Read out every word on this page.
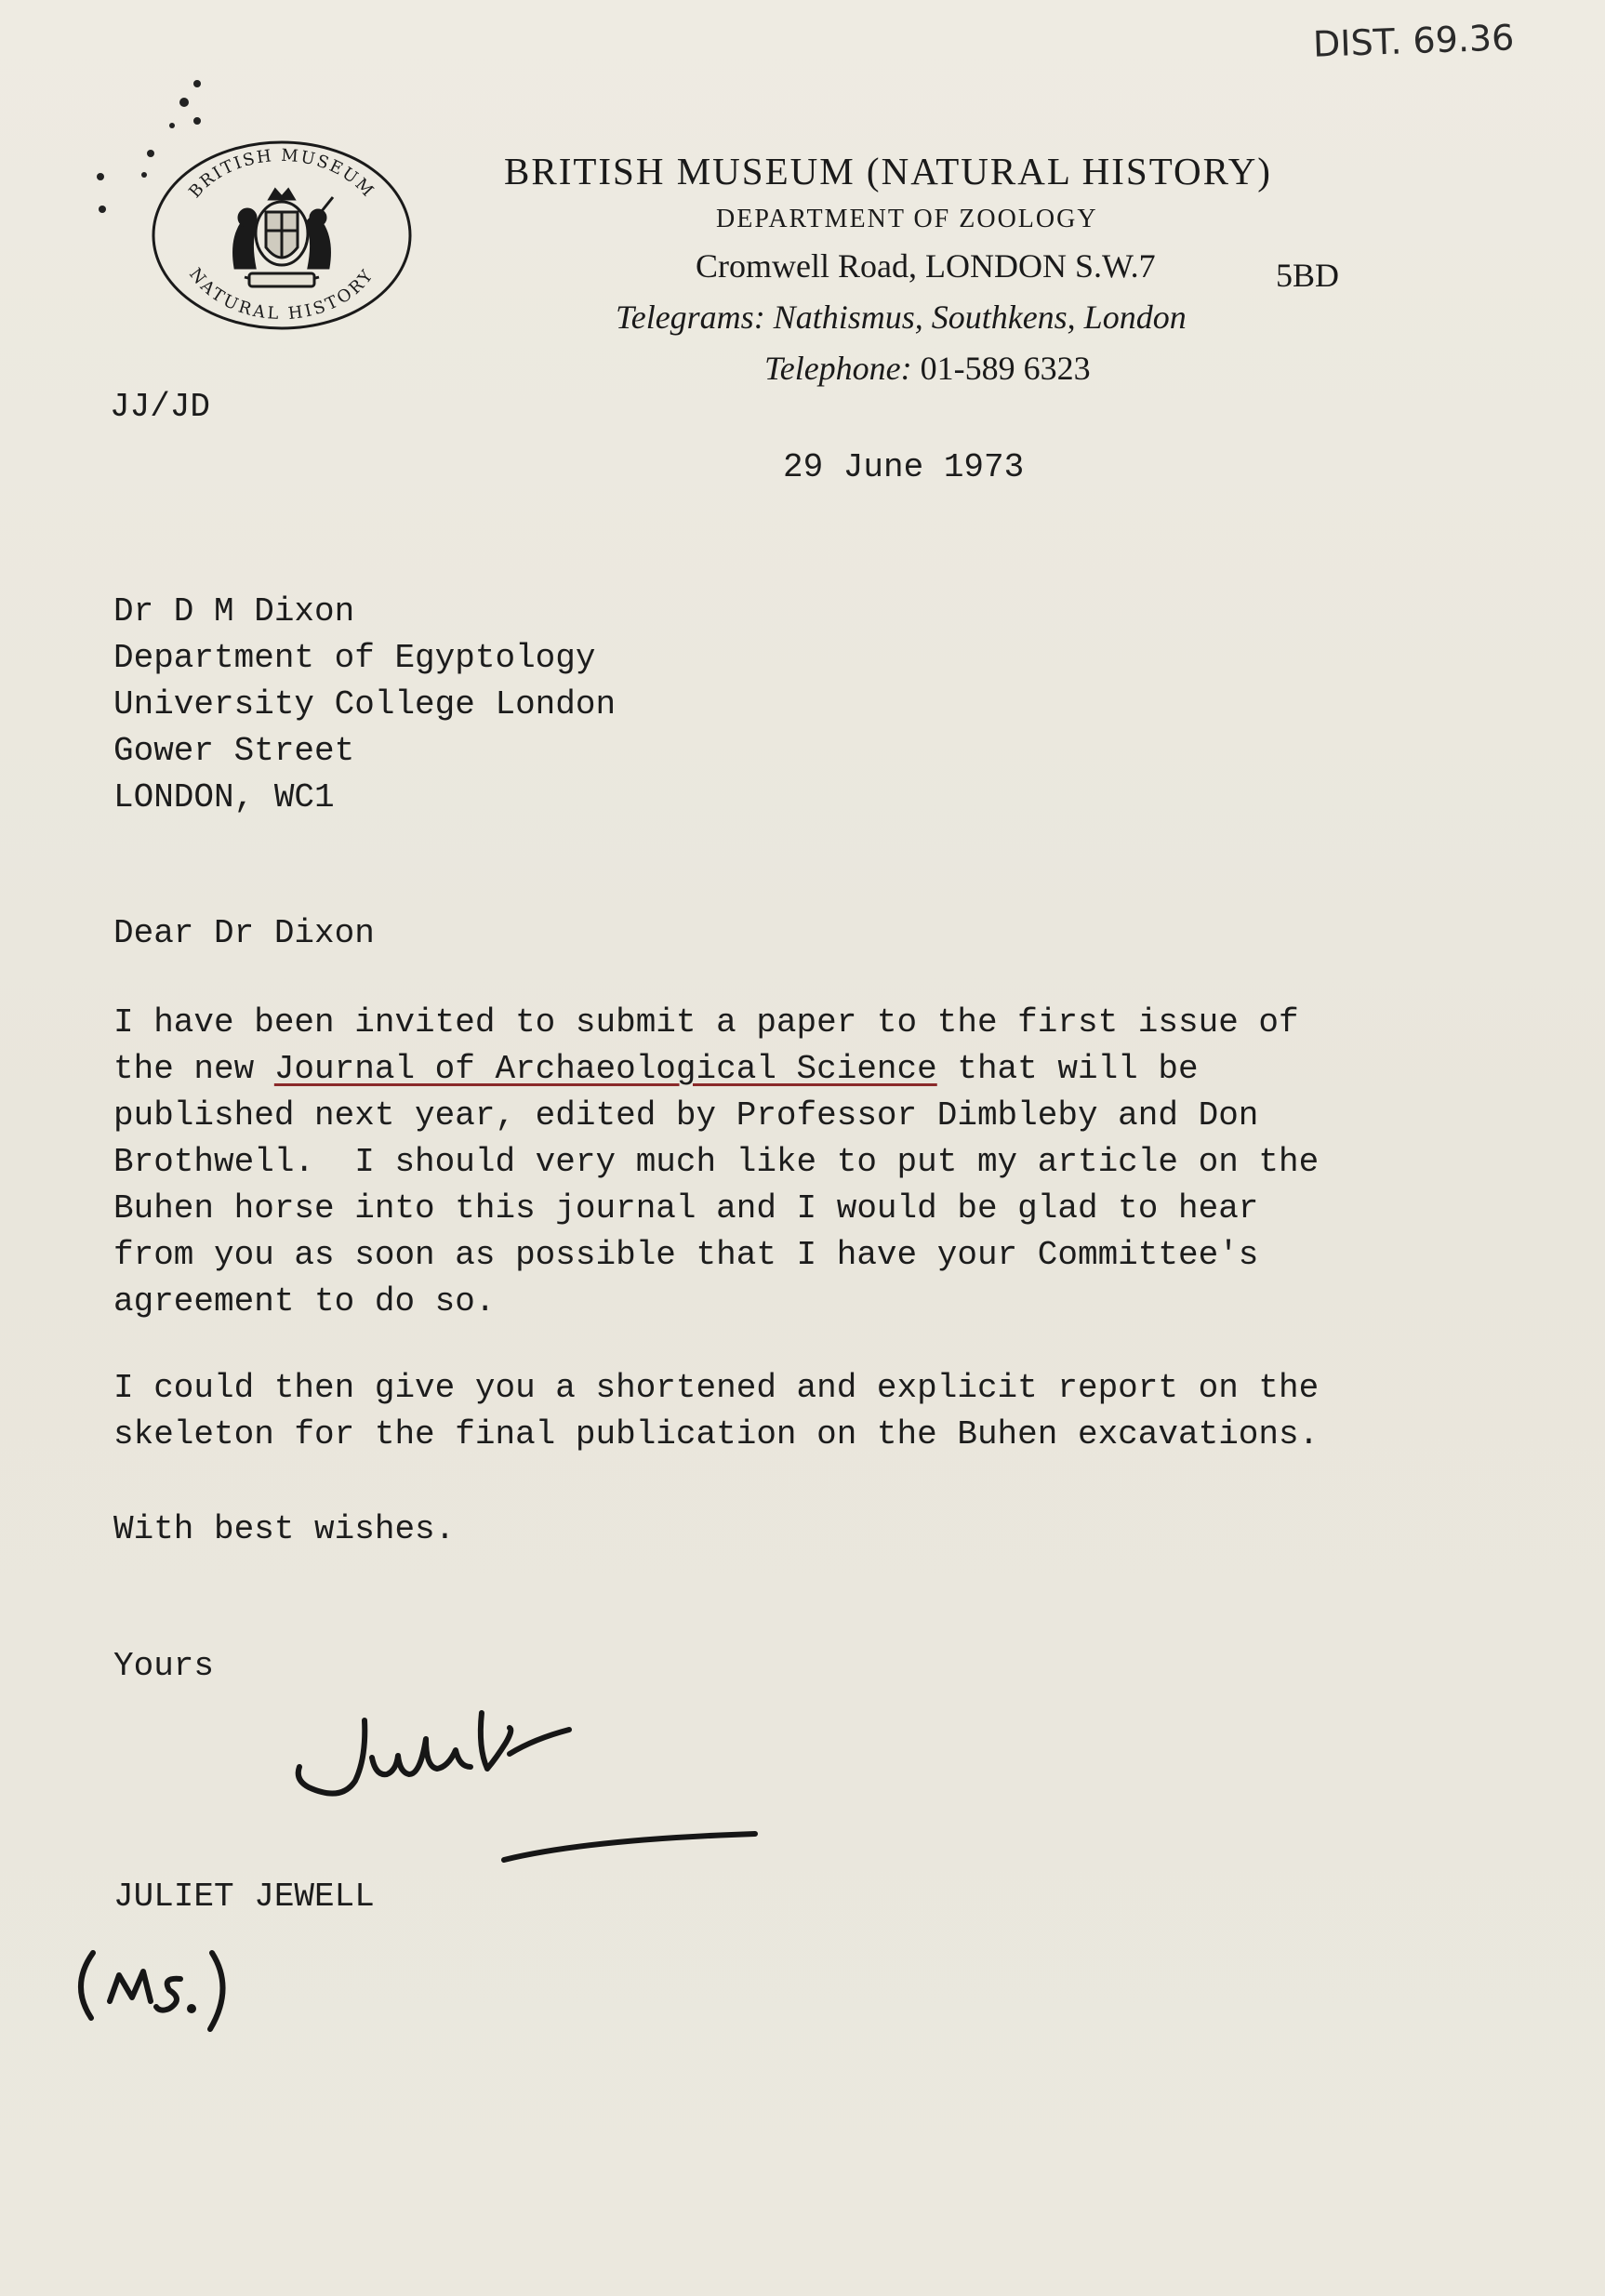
DIST. 69.36
BRITISH MUSEUM
NATURAL HISTORY
BRITISH MUSEUM (NATURAL HISTORY)
DEPARTMENT OF ZOOLOGY
Cromwell Road, LONDON S.W.7	5BD
Telegrams: Nathismus, Southkens, London
Telephone: 01-589 6323
JJ/JD
29 June 1973
Dr D M Dixon
Department of Egyptology
University College London
Gower Street
LONDON, WC1
Dear Dr Dixon
I have been invited to submit a paper to the first issue of
the new Journal of Archaeological Science that will be
published next year, edited by Professor Dimbleby and Don
Brothwell.  I should very much like to put my article on the
Buhen horse into this journal and I would be glad to hear
from you as soon as possible that I have your Committee's
agreement to do so.
I could then give you a shortened and explicit report on the
skeleton for the final publication on the Buhen excavations.
With best wishes.
Yours
JULIET JEWELL
